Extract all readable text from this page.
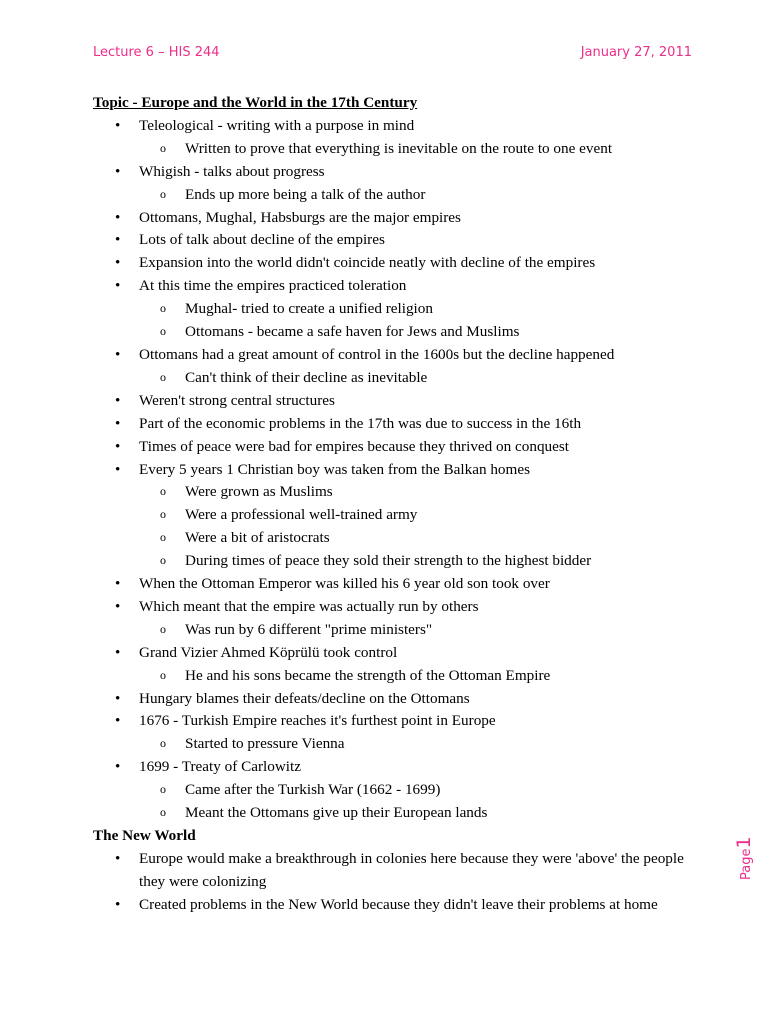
Lecture 6 – HIS 244	January 27, 2011
Topic - Europe and the World in the 17th Century
• Teleological - writing with a purpose in mind
o Written to prove that everything is inevitable on the route to one event
• Whigish - talks about progress
o Ends up more being a talk of the author
• Ottomans, Mughal, Habsburgs are the major empires
• Lots of talk about decline of the empires
• Expansion into the world didn't coincide neatly with decline of the empires
• At this time the empires practiced toleration
o Mughal- tried to create a unified religion
o Ottomans - became a safe haven for Jews and Muslims
• Ottomans had a great amount of control in the 1600s but the decline happened
o Can't think of their decline as inevitable
• Weren't strong central structures
• Part of the economic problems in the 17th was due to success in the 16th
• Times of peace were bad for empires because they thrived on conquest
• Every 5 years 1 Christian boy was taken from the Balkan homes
o Were grown as Muslims
o Were a professional well-trained army
o Were a bit of aristocrats
o During times of peace they sold their strength to the highest bidder
• When the Ottoman Emperor was killed his 6 year old son took over
• Which meant that the empire was actually run by others
o Was run by 6 different "prime ministers"
• Grand Vizier Ahmed Köprülü took control
o He and his sons became the strength of the Ottoman Empire
• Hungary blames their defeats/decline on the Ottomans
• 1676 - Turkish Empire reaches it's furthest point in Europe
o Started to pressure Vienna
• 1699 - Treaty of Carlowitz
o Came after the Turkish War (1662 - 1699)
o Meant the Ottomans give up their European lands
The New World
• Europe would make a breakthrough in colonies here because they were 'above' the people they were colonizing
• Created problems in the New World because they didn't leave their problems at home
Page1
